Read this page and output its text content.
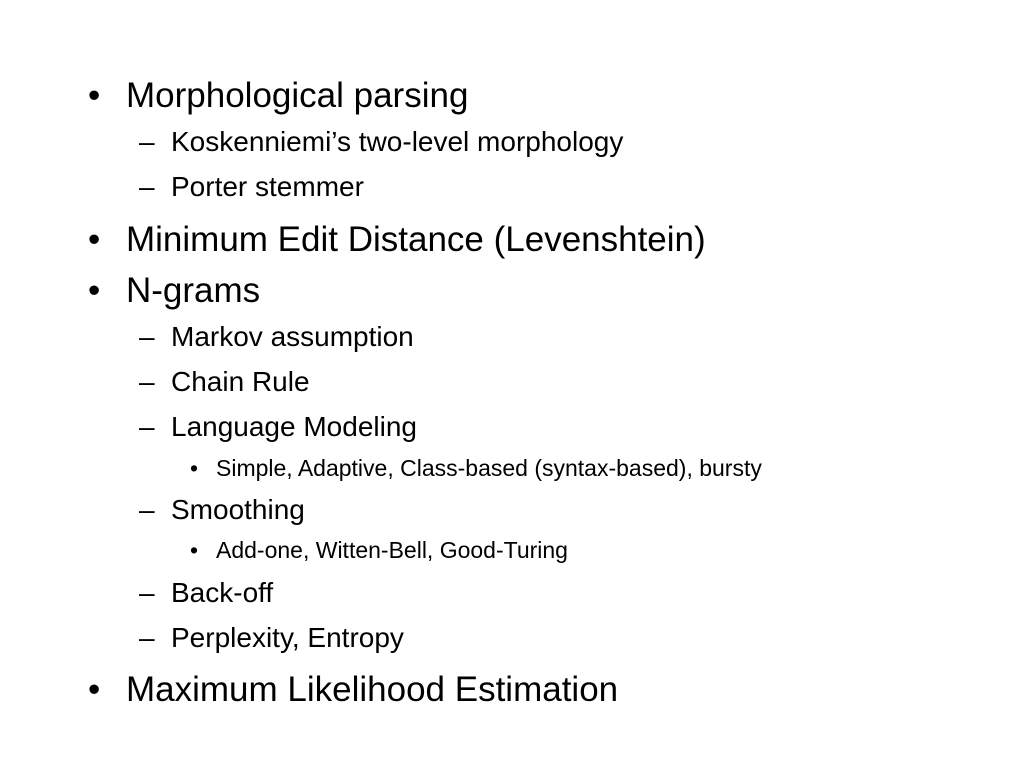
• Morphological parsing
– Koskenniemi’s two-level morphology
– Porter stemmer
• Minimum Edit Distance (Levenshtein)
• N-grams
– Markov assumption
– Chain Rule
– Language Modeling
• Simple, Adaptive, Class-based (syntax-based), bursty
– Smoothing
• Add-one, Witten-Bell, Good-Turing
– Back-off
– Perplexity, Entropy
• Maximum Likelihood Estimation
